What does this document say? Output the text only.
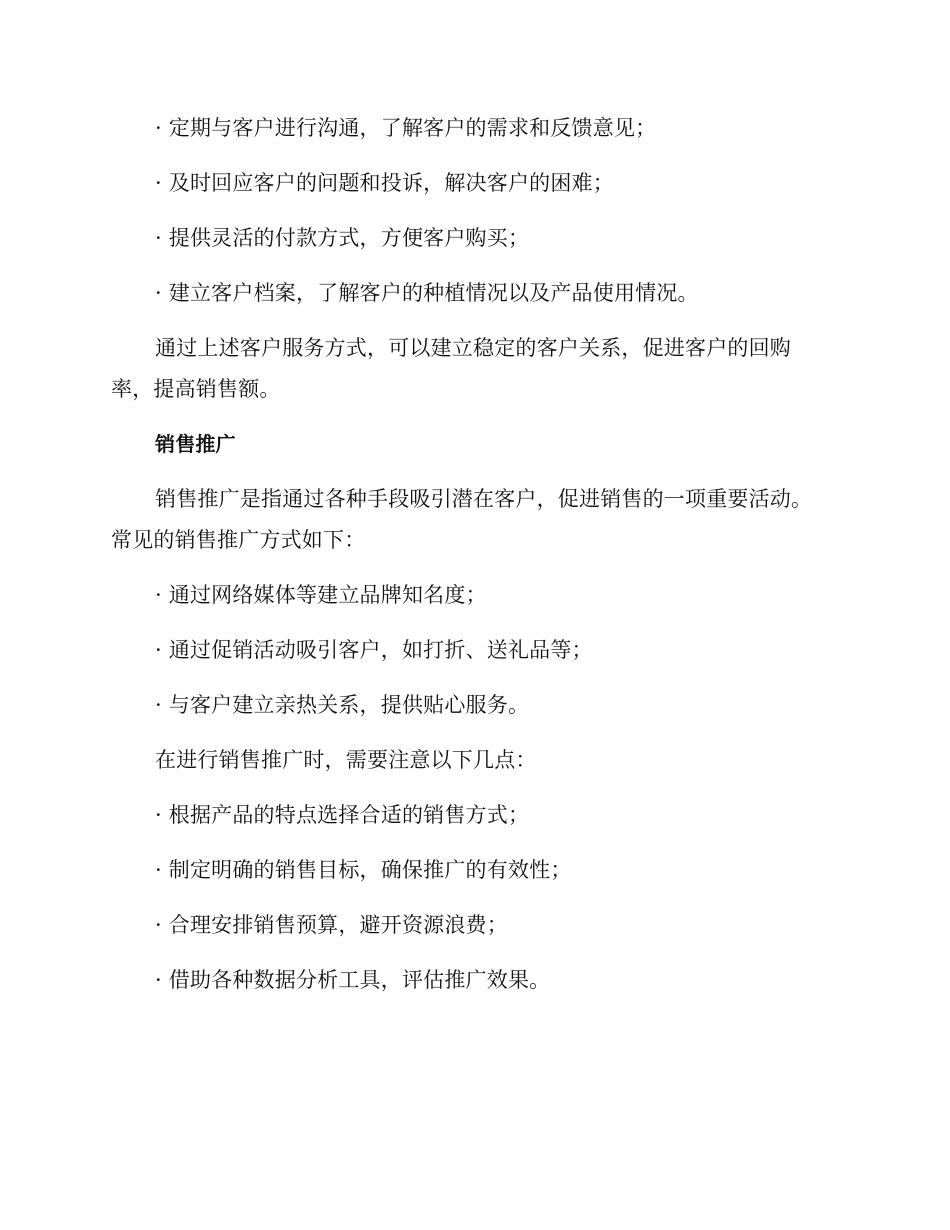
· 定期与客户进行沟通，了解客户的需求和反馈意见；
· 及时回应客户的问题和投诉，解决客户的困难；
· 提供灵活的付款方式，方便客户购买；
· 建立客户档案，了解客户的种植情况以及产品使用情况。
通过上述客户服务方式，可以建立稳定的客户关系，促进客户的回购
率，提高销售额。
销售推广
销售推广是指通过各种手段吸引潜在客户，促进销售的一项重要活动。
常见的销售推广方式如下：
· 通过网络媒体等建立品牌知名度；
· 通过促销活动吸引客户，如打折、送礼品等；
· 与客户建立亲热关系，提供贴心服务。
在进行销售推广时，需要注意以下几点：
· 根据产品的特点选择合适的销售方式；
· 制定明确的销售目标，确保推广的有效性；
· 合理安排销售预算，避开资源浪费；
· 借助各种数据分析工具，评估推广效果。
